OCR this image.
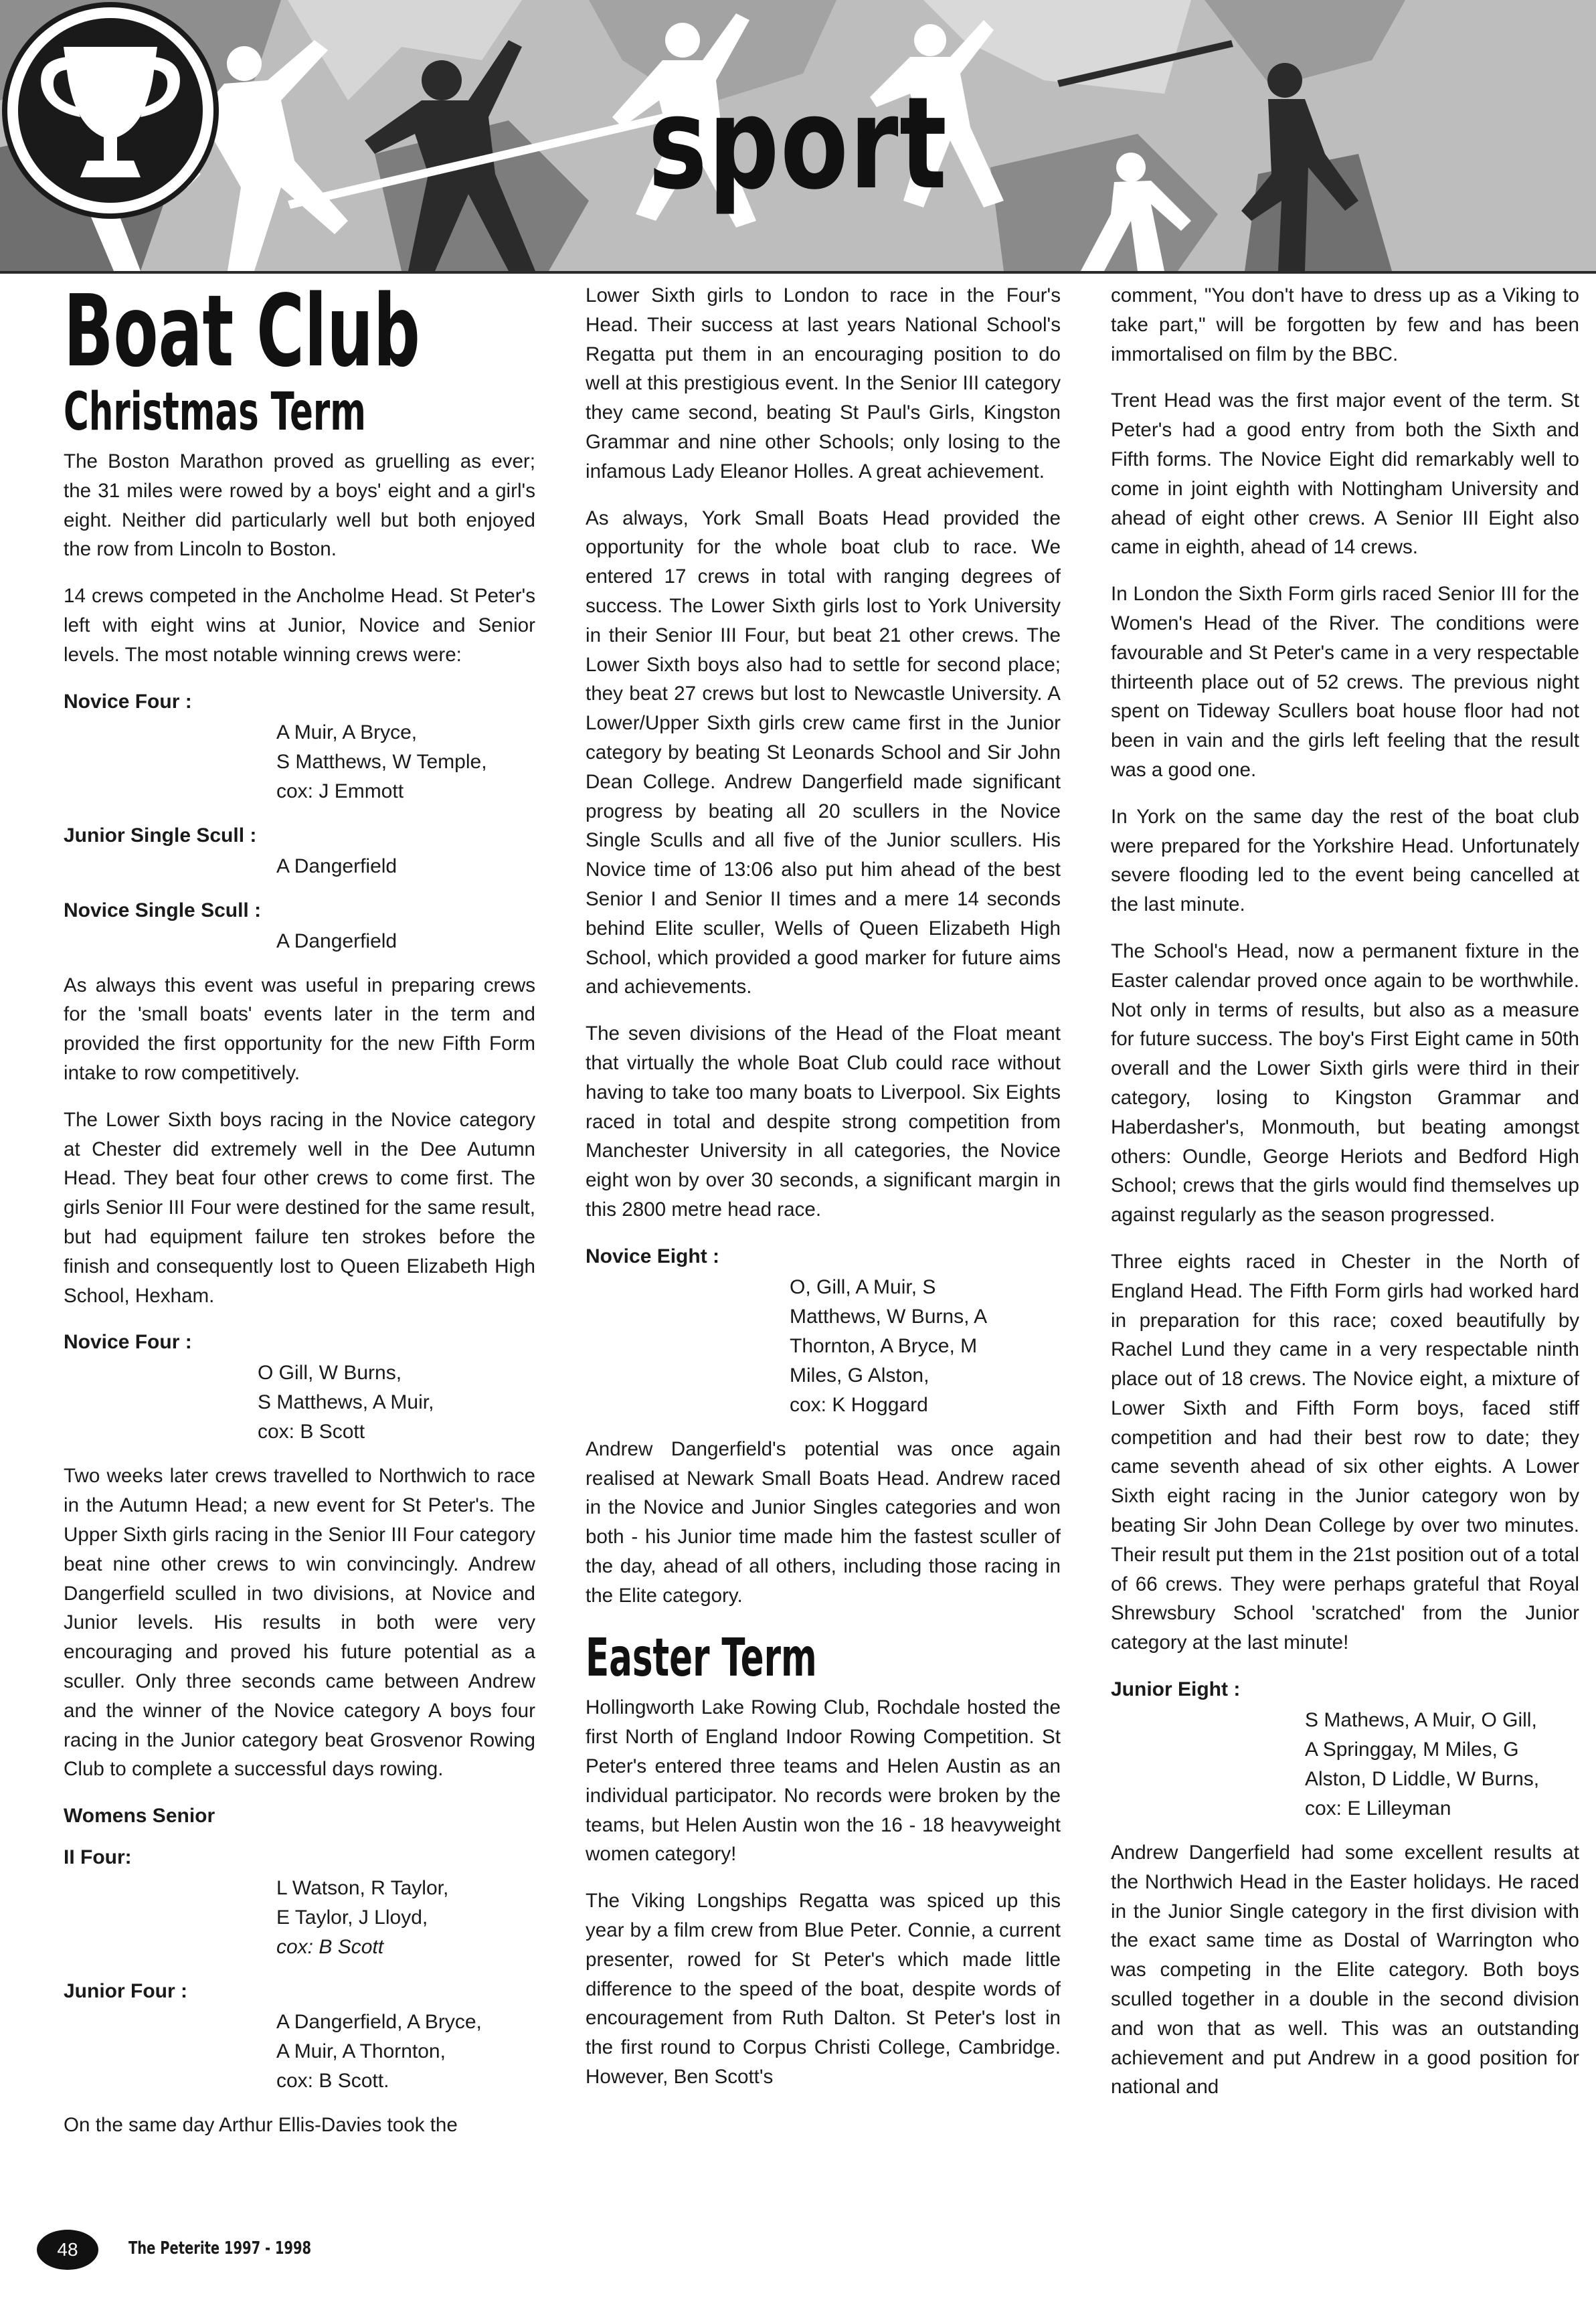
sport
Boat Club
Christmas Term

The Boston Marathon proved as gruelling as ever; the 31 miles were rowed by a boys' eight and a girl's eight. Neither did particularly well but both enjoyed the row from Lincoln to Boston.

14 crews competed in the Ancholme Head. St Peter's left with eight wins at Junior, Novice and Senior levels. The most notable winning crews were:

Novice Four :
A Muir, A Bryce,
S Matthews, W Temple,
cox: J Emmott
Junior Single Scull :
A Dangerfield
Novice Single Scull :
A Dangerfield

As always this event was useful in preparing crews for the 'small boats' events later in the term and provided the first opportunity for the new Fifth Form intake to row competitively.

The Lower Sixth boys racing in the Novice category at Chester did extremely well in the Dee Autumn Head. They beat four other crews to come first. The girls Senior III Four were destined for the same result, but had equipment failure ten strokes before the finish and consequently lost to Queen Elizabeth High School, Hexham.

Novice Four :
O Gill, W Burns,
S Matthews, A Muir,
cox: B Scott

Two weeks later crews travelled to Northwich to race in the Autumn Head; a new event for St Peter's. The Upper Sixth girls racing in the Senior III Four category beat nine other crews to win convincingly. Andrew Dangerfield sculled in two divisions, at Novice and Junior levels. His results in both were very encouraging and proved his future potential as a sculler. Only three seconds came between Andrew and the winner of the Novice category A boys four racing in the Junior category beat Grosvenor Rowing Club to complete a successful days rowing.

Womens Senior
II Four:
L Watson, R Taylor,
E Taylor, J Lloyd,
cox: B Scott
Junior Four :
A Dangerfield, A Bryce,
A Muir, A Thornton,
cox: B Scott.

On the same day Arthur Ellis-Davies took the

Lower Sixth girls to London to race in the Four's Head. Their success at last years National School's Regatta put them in an encouraging position to do well at this prestigious event. In the Senior III category they came second, beating St Paul's Girls, Kingston Grammar and nine other Schools; only losing to the infamous Lady Eleanor Holles. A great achievement.

As always, York Small Boats Head provided the opportunity for the whole boat club to race. We entered 17 crews in total with ranging degrees of success. The Lower Sixth girls lost to York University in their Senior III Four, but beat 21 other crews. The Lower Sixth boys also had to settle for second place; they beat 27 crews but lost to Newcastle University. A Lower/Upper Sixth girls crew came first in the Junior category by beating St Leonards School and Sir John Dean College. Andrew Dangerfield made significant progress by beating all 20 scullers in the Novice Single Sculls and all five of the Junior scullers. His Novice time of 13:06 also put him ahead of the best Senior I and Senior II times and a mere 14 seconds behind Elite sculler, Wells of Queen Elizabeth High School, which provided a good marker for future aims and achievements.

The seven divisions of the Head of the Float meant that virtually the whole Boat Club could race without having to take too many boats to Liverpool. Six Eights raced in total and despite strong competition from Manchester University in all categories, the Novice eight won by over 30 seconds, a significant margin in this 2800 metre head race.

Novice Eight :
O, Gill, A Muir, S
Matthews, W Burns, A
Thornton, A Bryce, M
Miles, G Alston,
cox: K Hoggard

Andrew Dangerfield's potential was once again realised at Newark Small Boats Head. Andrew raced in the Novice and Junior Singles categories and won both - his Junior time made him the fastest sculler of the day, ahead of all others, including those racing in the Elite category.

Easter Term

Hollingworth Lake Rowing Club, Rochdale hosted the first North of England Indoor Rowing Competition. St Peter's entered three teams and Helen Austin as an individual participator. No records were broken by the teams, but Helen Austin won the 16 - 18 heavyweight women category!

The Viking Longships Regatta was spiced up this year by a film crew from Blue Peter. Connie, a current presenter, rowed for St Peter's which made little difference to the speed of the boat, despite words of encouragement from Ruth Dalton. St Peter's lost in the first round to Corpus Christi College, Cambridge. However, Ben Scott's

comment, "You don't have to dress up as a Viking to take part," will be forgotten by few and has been immortalised on film by the BBC.

Trent Head was the first major event of the term. St Peter's had a good entry from both the Sixth and Fifth forms. The Novice Eight did remarkably well to come in joint eighth with Nottingham University and ahead of eight other crews. A Senior III Eight also came in eighth, ahead of 14 crews.

In London the Sixth Form girls raced Senior III for the Women's Head of the River. The conditions were favourable and St Peter's came in a very respectable thirteenth place out of 52 crews. The previous night spent on Tideway Scullers boat house floor had not been in vain and the girls left feeling that the result was a good one.

In York on the same day the rest of the boat club were prepared for the Yorkshire Head. Unfortunately severe flooding led to the event being cancelled at the last minute.

The School's Head, now a permanent fixture in the Easter calendar proved once again to be worthwhile. Not only in terms of results, but also as a measure for future success. The boy's First Eight came in 50th overall and the Lower Sixth girls were third in their category, losing to Kingston Grammar and Haberdasher's, Monmouth, but beating amongst others: Oundle, George Heriots and Bedford High School; crews that the girls would find themselves up against regularly as the season progressed.

Three eights raced in Chester in the North of England Head. The Fifth Form girls had worked hard in preparation for this race; coxed beautifully by Rachel Lund they came in a very respectable ninth place out of 18 crews. The Novice eight, a mixture of Lower Sixth and Fifth Form boys, faced stiff competition and had their best row to date; they came seventh ahead of six other eights. A Lower Sixth eight racing in the Junior category won by beating Sir John Dean College by over two minutes. Their result put them in the 21st position out of a total of 66 crews. They were perhaps grateful that Royal Shrewsbury School 'scratched' from the Junior category at the last minute!

Junior Eight :
S Mathews, A Muir, O Gill,
A Springgay, M Miles, G
Alston, D Liddle, W Burns,
cox: E Lilleyman

Andrew Dangerfield had some excellent results at the Northwich Head in the Easter holidays. He raced in the Junior Single category in the first division with the exact same time as Dostal of Warrington who was competing in the Elite category. Both boys sculled together in a double in the second division and won that as well. This was an outstanding achievement and put Andrew in a good position for national and

48	The Peterite 1997 - 1998
